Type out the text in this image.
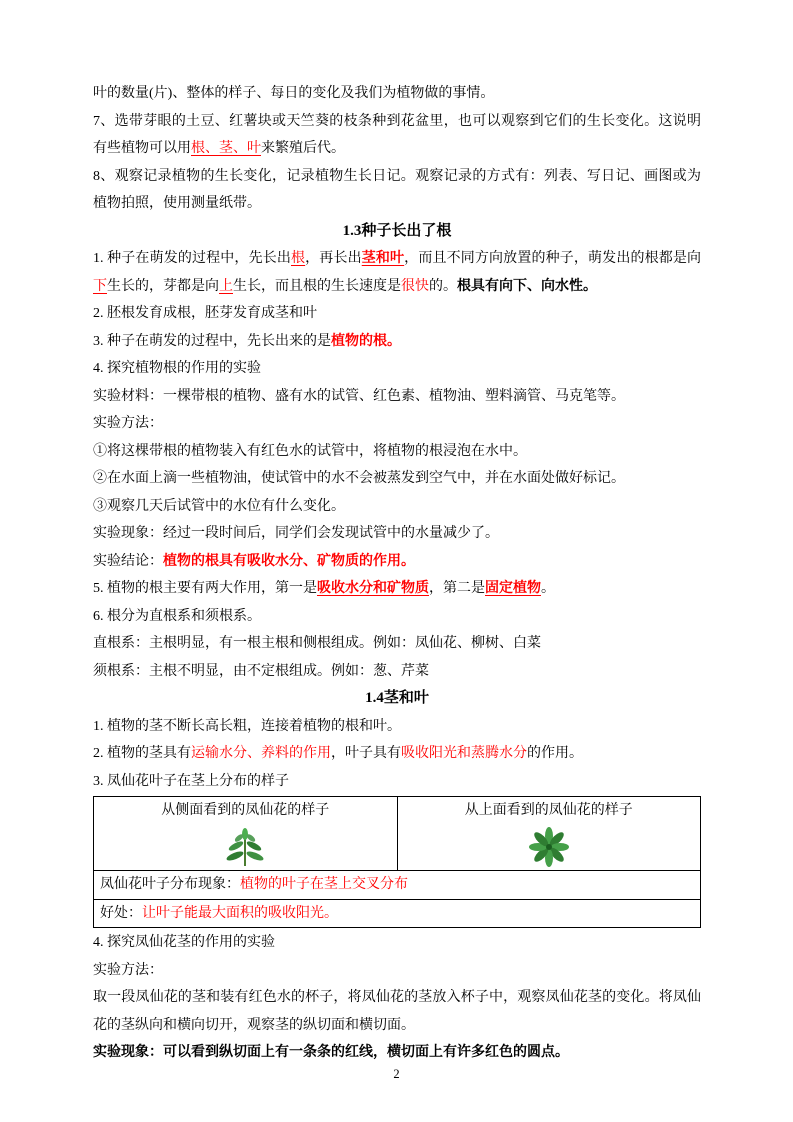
叶的数量(片)、整体的样子、每日的变化及我们为植物做的事情。
7、选带芽眼的土豆、红薯块或天竺葵的枝条种到花盆里，也可以观察到它们的生长变化。这说明有些植物可以用根、茎、叶来繁殖后代。
8、观察记录植物的生长变化，记录植物生长日记。观察记录的方式有：列表、写日记、画图或为植物拍照，使用测量纸带。
1.3种子长出了根
1. 种子在萌发的过程中，先长出根，再长出茎和叶，而且不同方向放置的种子，萌发出的根都是向下生长的，芽都是向上生长，而且根的生长速度是很快的。根具有向下、向水性。
2. 胚根发育成根，胚芽发育成茎和叶
3. 种子在萌发的过程中，先长出来的是植物的根。
4. 探究植物根的作用的实验
实验材料：一棵带根的植物、盛有水的试管、红色素、植物油、塑料滴管、马克笔等。
实验方法：
①将这棵带根的植物装入有红色水的试管中，将植物的根浸泡在水中。
②在水面上滴一些植物油，使试管中的水不会被蒸发到空气中，并在水面处做好标记。
③观察几天后试管中的水位有什么变化。
实验现象：经过一段时间后，同学们会发现试管中的水量减少了。
实验结论：植物的根具有吸收水分、矿物质的作用。
5. 植物的根主要有两大作用，第一是吸收水分和矿物质，第二是固定植物。
6. 根分为直根系和须根系。
直根系：主根明显，有一根主根和侧根组成。例如：凤仙花、柳树、白菜
须根系：主根不明显，由不定根组成。例如：葱、芹菜
1.4茎和叶
1. 植物的茎不断长高长粗，连接着植物的根和叶。
2. 植物的茎具有运输水分、养料的作用，叶子具有吸收阳光和蒸腾水分的作用。
3. 凤仙花叶子在茎上分布的样子
从侧面看到的凤仙花的样子	从上面看到的凤仙花的样子

凤仙花叶子分布现象：植物的叶子在茎上交叉分布
好处：让叶子能最大面积的吸收阳光。
4. 探究凤仙花茎的作用的实验
实验方法：
取一段凤仙花的茎和装有红色水的杯子，将凤仙花的茎放入杯子中，观察凤仙花茎的变化。将凤仙花的茎纵向和横向切开，观察茎的纵切面和横切面。
实验现象：可以看到纵切面上有一条条的红线，横切面上有许多红色的圆点。
2
